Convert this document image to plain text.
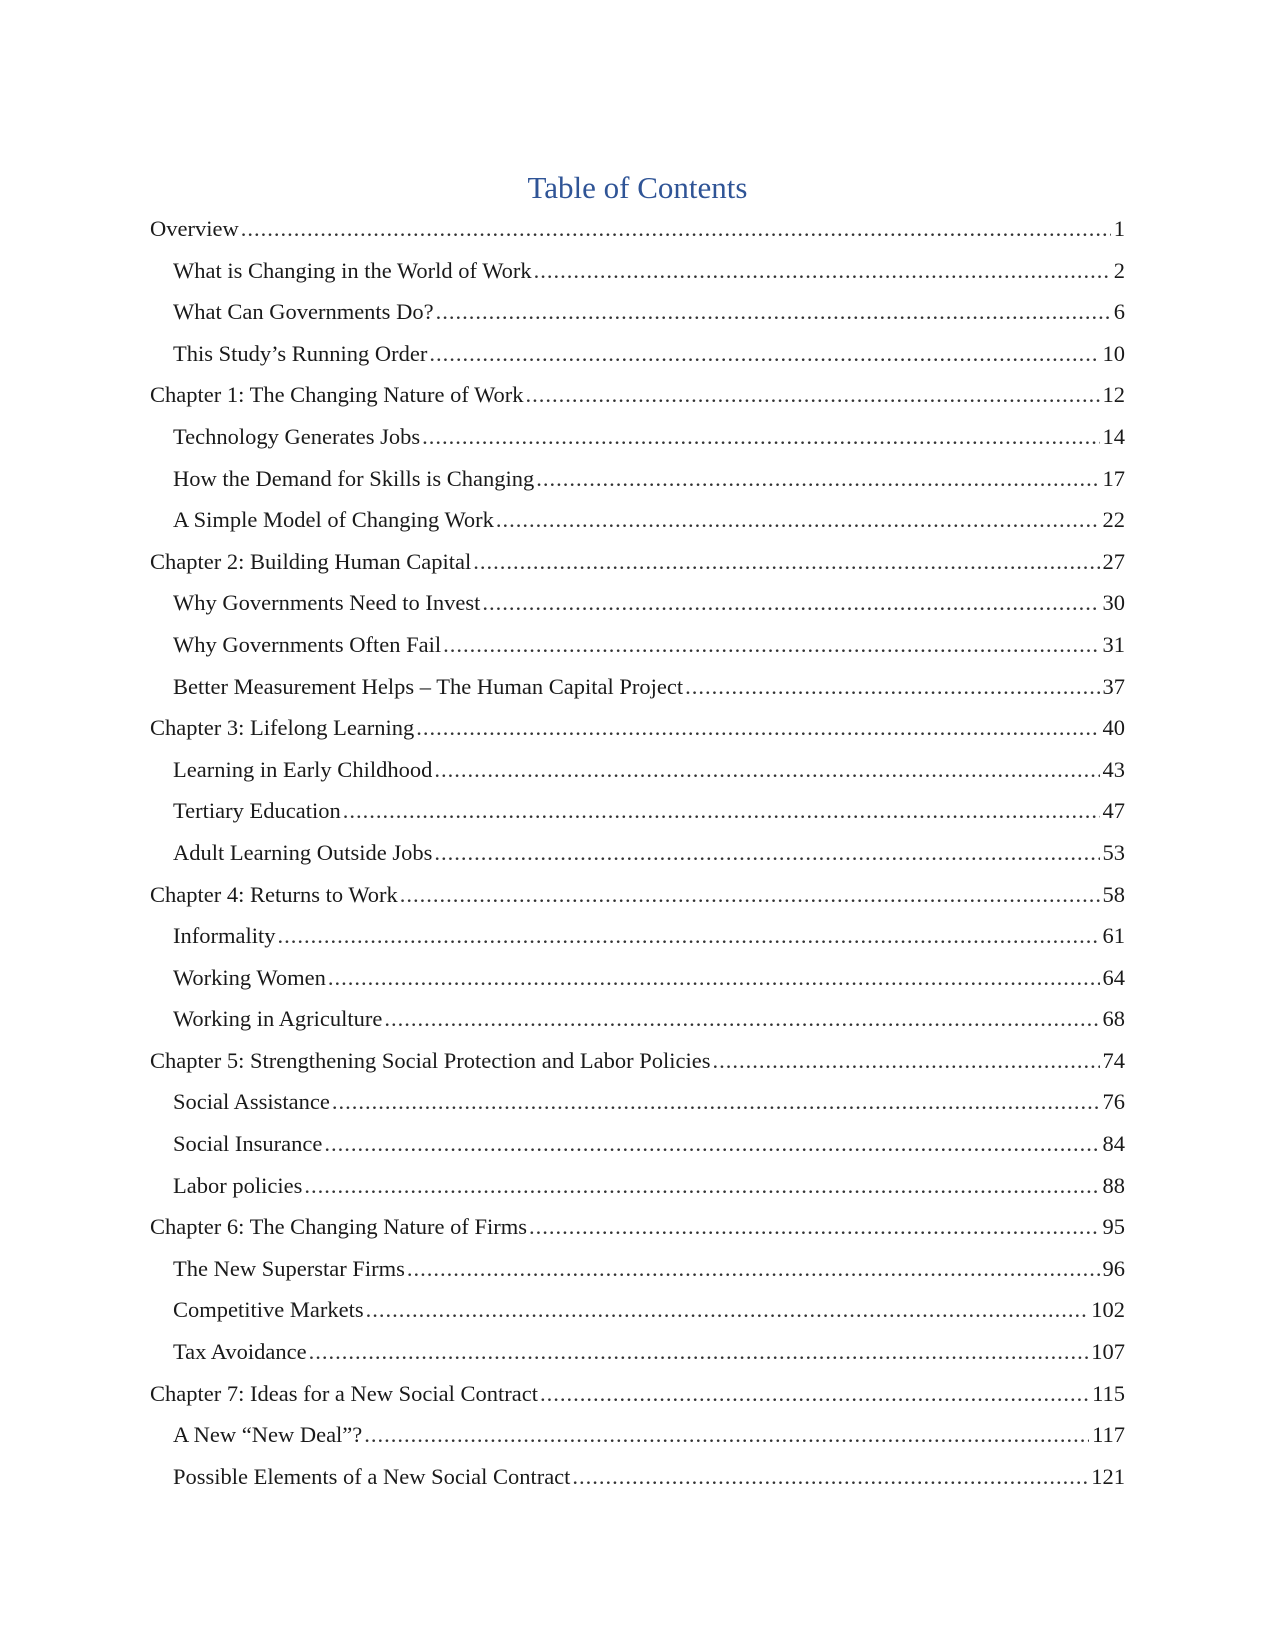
Table of Contents
Overview .....	1
What is Changing in the World of Work .....	2
What Can Governments Do? .....	6
This Study’s Running Order .....	10
Chapter 1: The Changing Nature of Work .....	12
Technology Generates Jobs .....	14
How the Demand for Skills is Changing .....	17
A Simple Model of Changing Work .....	22
Chapter 2: Building Human Capital .....	27
Why Governments Need to Invest .....	30
Why Governments Often Fail .....	31
Better Measurement Helps – The Human Capital Project .....	37
Chapter 3: Lifelong Learning .....	40
Learning in Early Childhood .....	43
Tertiary Education .....	47
Adult Learning Outside Jobs .....	53
Chapter 4: Returns to Work .....	58
Informality .....	61
Working Women .....	64
Working in Agriculture .....	68
Chapter 5: Strengthening Social Protection and Labor Policies .....	74
Social Assistance .....	76
Social Insurance .....	84
Labor policies .....	88
Chapter 6: The Changing Nature of Firms .....	95
The New Superstar Firms .....	96
Competitive Markets .....	102
Tax Avoidance .....	107
Chapter 7: Ideas for a New Social Contract .....	115
A New “New Deal”? .....	117
Possible Elements of a New Social Contract .....	121
